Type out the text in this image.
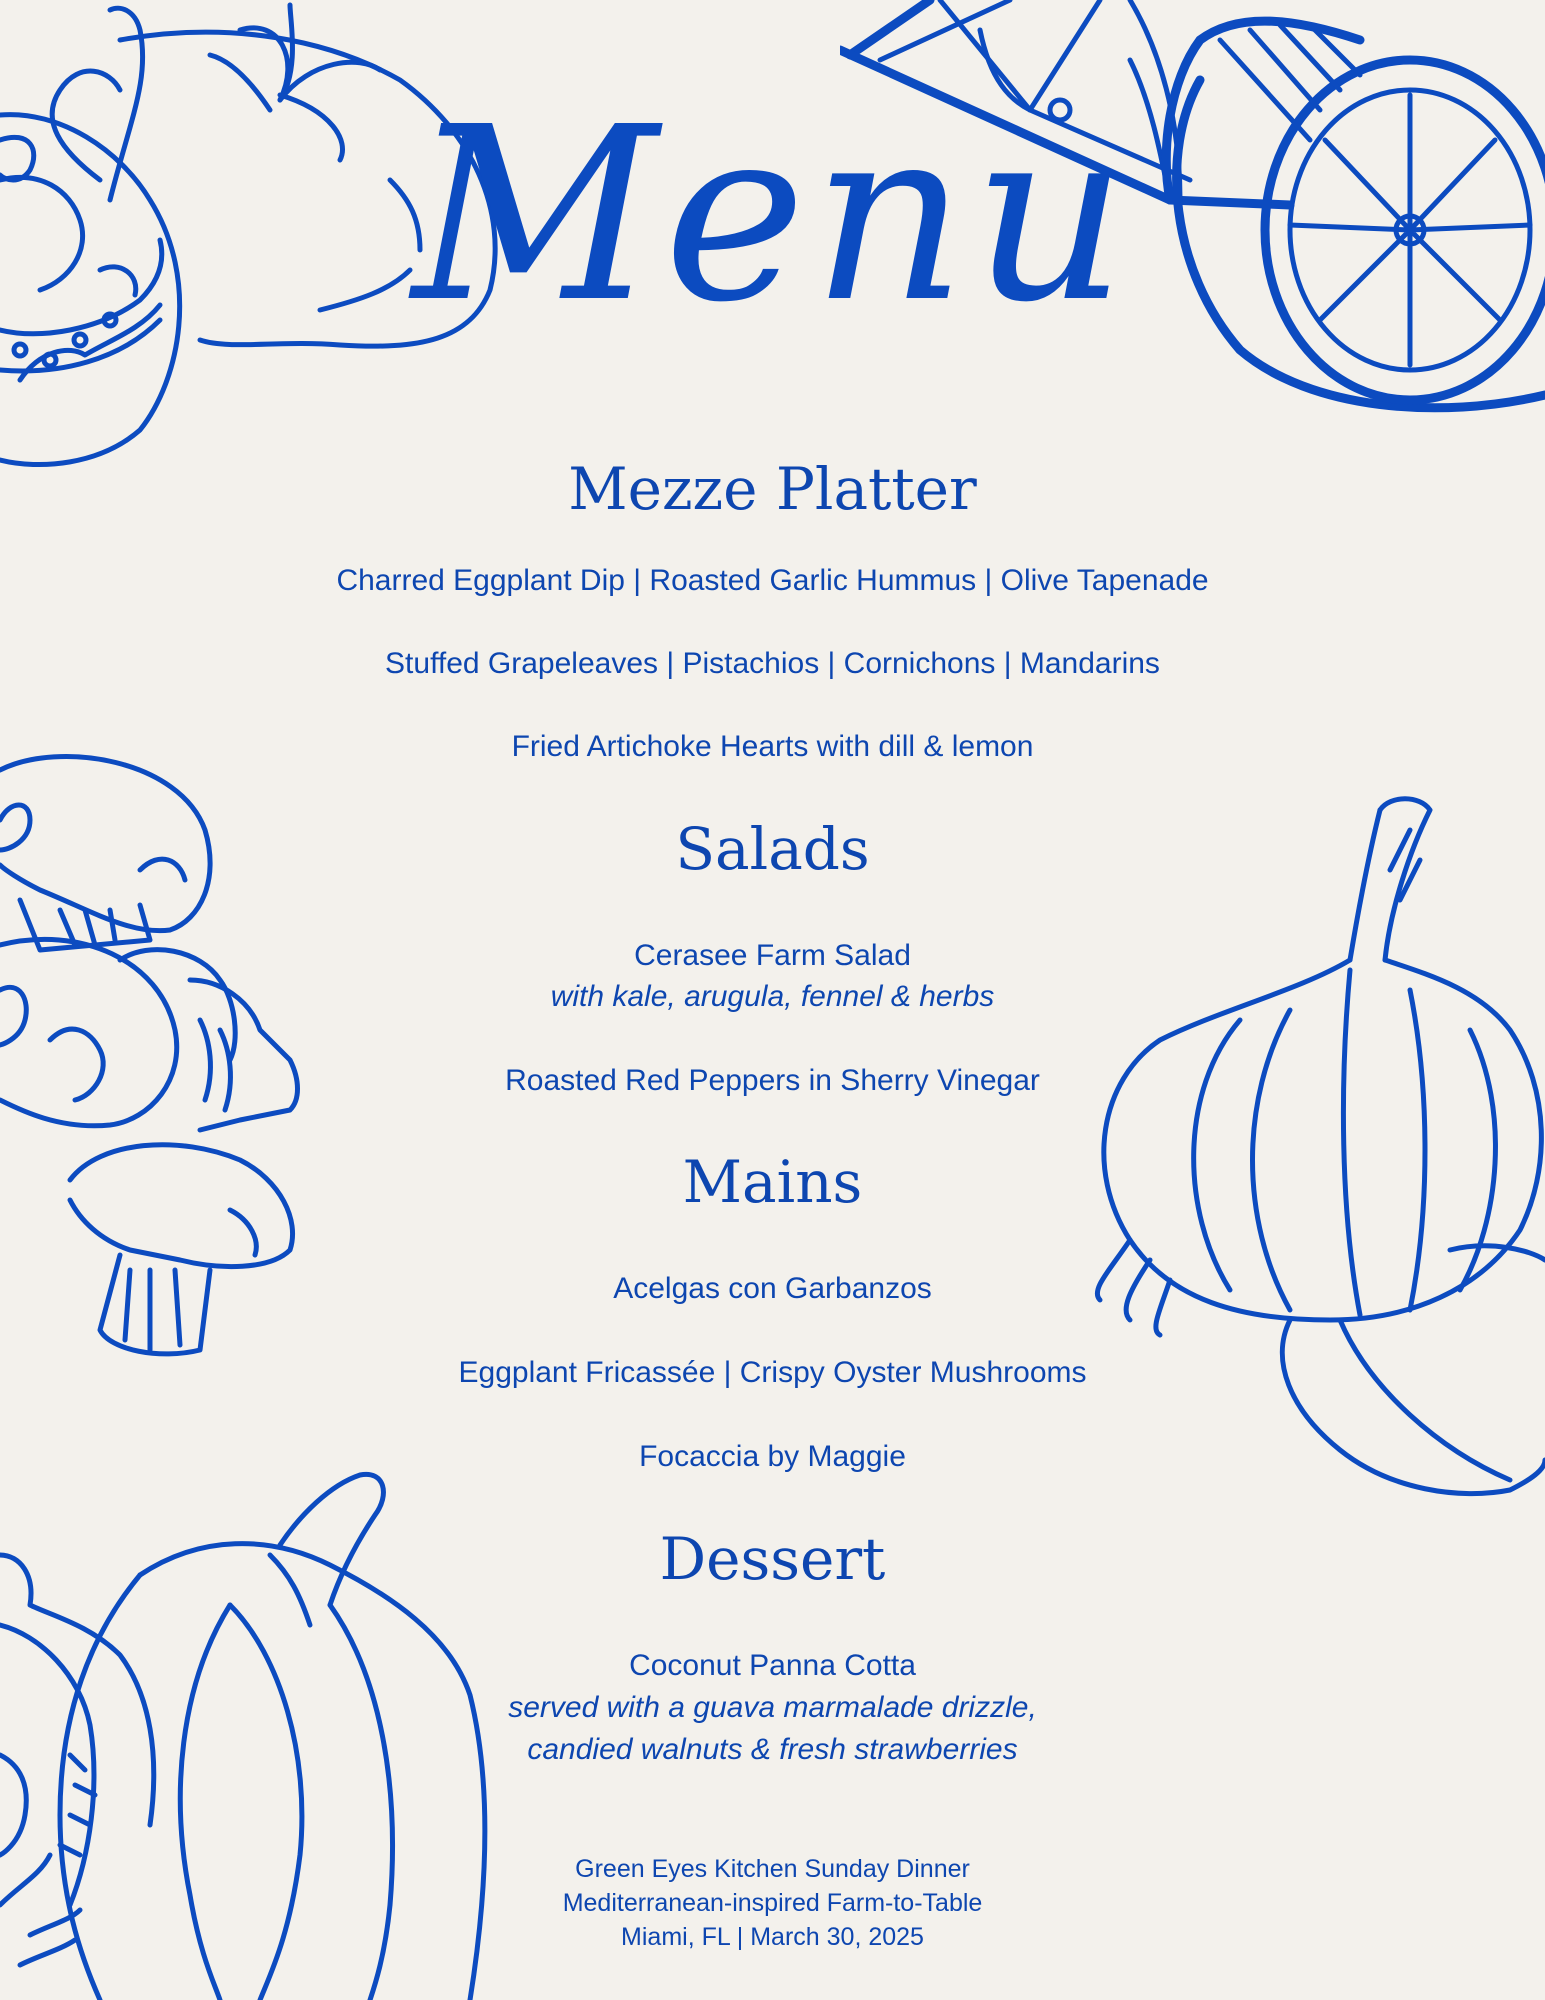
Menu
Mezze Platter
Charred Eggplant Dip | Roasted Garlic Hummus | Olive Tapenade
Stuffed Grapeleaves | Pistachios | Cornichons | Mandarins
Fried Artichoke Hearts with dill & lemon
Salads
Cerasee Farm Salad
with kale, arugula, fennel & herbs
Roasted Red Peppers in Sherry Vinegar
Mains
Acelgas con Garbanzos
Eggplant Fricassée | Crispy Oyster Mushrooms
Focaccia by Maggie
Dessert
Coconut Panna Cotta
served with a guava marmalade drizzle,
candied walnuts & fresh strawberries
Green Eyes Kitchen Sunday Dinner
Mediterranean-inspired Farm-to-Table
Miami, FL | March 30, 2025
